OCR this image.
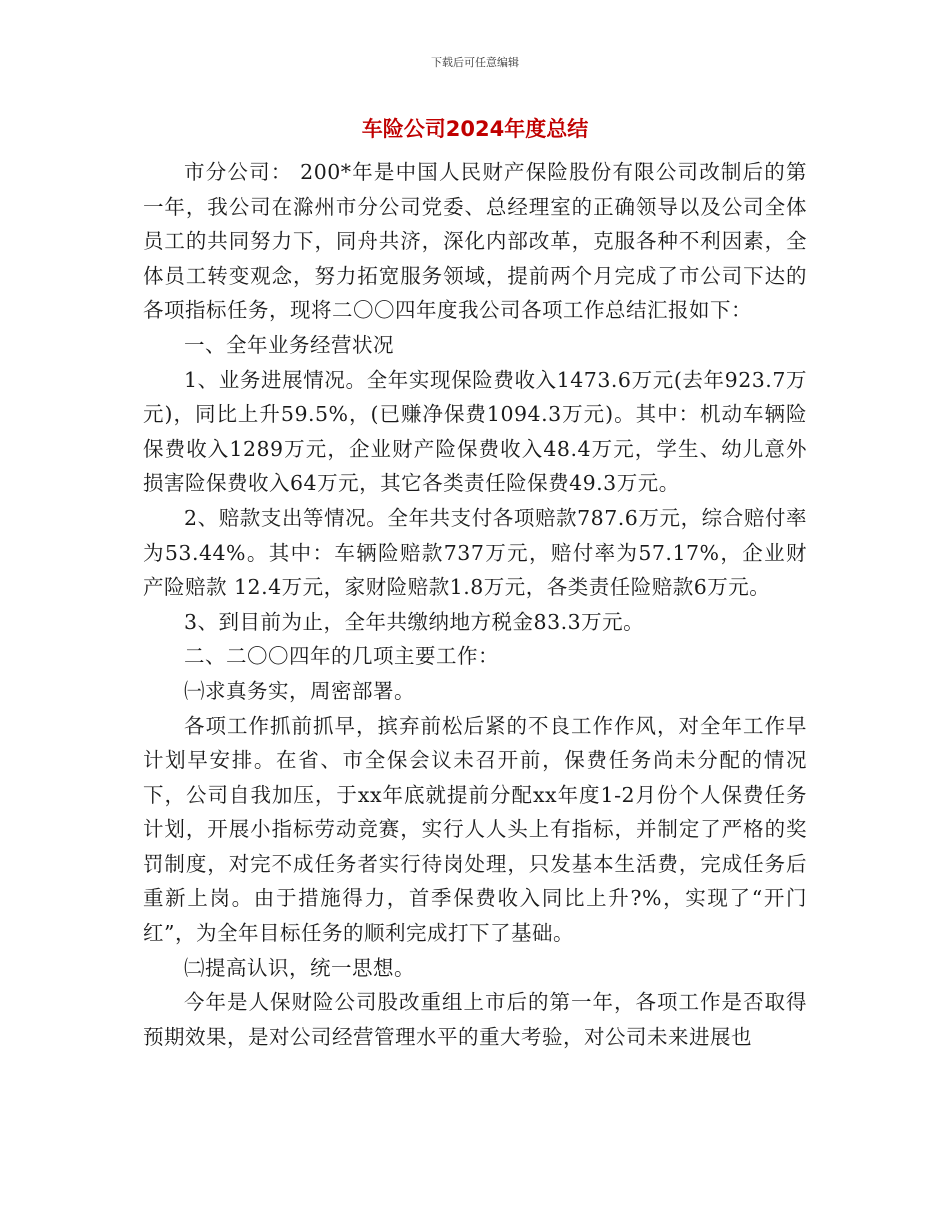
下载后可任意编辑
车险公司2024年度总结

市分公司： 200*年是中国人民财产保险股份有限公司改制后的第一年，我公司在滁州市分公司党委、总经理室的正确领导以及公司全体员工的共同努力下，同舟共济，深化内部改革，克服各种不利因素，全体员工转变观念，努力拓宽服务领域，提前两个月完成了市公司下达的各项指标任务，现将二〇〇四年度我公司各项工作总结汇报如下：

一、全年业务经营状况

1、业务进展情况。全年实现保险费收入1473.6万元(去年923.7万元)，同比上升59.5%，(已赚净保费1094.3万元)。其中：机动车辆险保费收入1289万元，企业财产险保费收入48.4万元，学生、幼儿意外损害险保费收入64万元，其它各类责任险保费49.3万元。

2、赔款支出等情况。全年共支付各项赔款787.6万元，综合赔付率为53.44%。其中：车辆险赔款737万元，赔付率为57.17%，企业财产险赔款 12.4万元，家财险赔款1.8万元，各类责任险赔款6万元。

3、到目前为止，全年共缴纳地方税金83.3万元。

二、二〇〇四年的几项主要工作：

㈠求真务实，周密部署。

各项工作抓前抓早，摈弃前松后紧的不良工作作风，对全年工作早计划早安排。在省、市全保会议未召开前，保费任务尚未分配的情况下，公司自我加压，于xx年底就提前分配xx年度1-2月份个人保费任务计划，开展小指标劳动竞赛，实行人人头上有指标，并制定了严格的奖罚制度，对完不成任务者实行待岗处理，只发基本生活费，完成任务后重新上岗。由于措施得力，首季保费收入同比上升?%，实现了“开门红”，为全年目标任务的顺利完成打下了基础。

㈡提高认识，统一思想。

今年是人保财险公司股改重组上市后的第一年，各项工作是否取得预期效果，是对公司经营管理水平的重大考验，对公司未来进展也
